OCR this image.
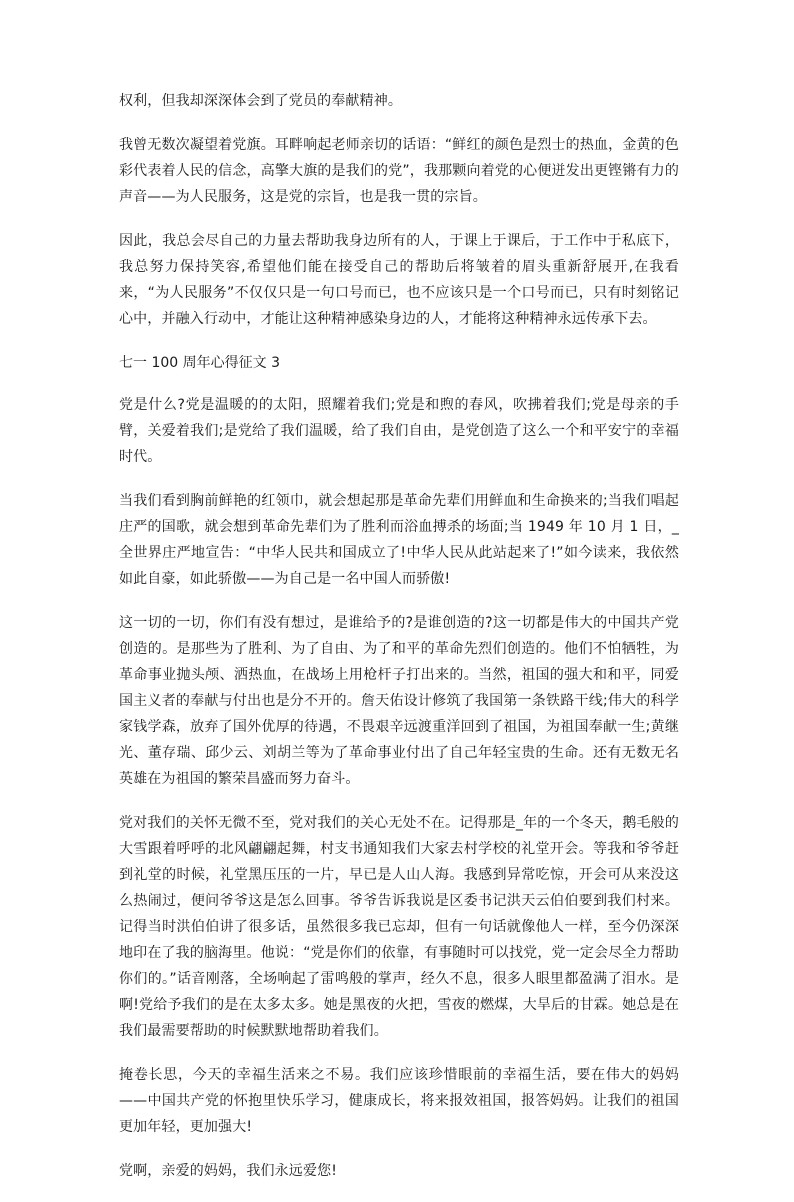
权利，但我却深深体会到了党员的奉献精神。

我曾无数次凝望着党旗。耳畔响起老师亲切的话语：“鲜红的颜色是烈士的热血，金黄的色彩代表着人民的信念，高擎大旗的是我们的党”，我那颗向着党的心便迸发出更铿锵有力的声音——为人民服务，这是党的宗旨，也是我一贯的宗旨。

因此，我总会尽自己的力量去帮助我身边所有的人，于课上于课后，于工作中于私底下，我总努力保持笑容,希望他们能在接受自己的帮助后将皱着的眉头重新舒展开,在我看来，“为人民服务”不仅仅只是一句口号而已，也不应该只是一个口号而已，只有时刻铭记心中，并融入行动中，才能让这种精神感染身边的人，才能将这种精神永远传承下去。

七一 100 周年心得征文 3

党是什么?党是温暖的的太阳，照耀着我们;党是和煦的春风，吹拂着我们;党是母亲的手臂，关爱着我们;是党给了我们温暖，给了我们自由，是党创造了这么一个和平安宁的幸福时代。

当我们看到胸前鲜艳的红领巾，就会想起那是革命先辈们用鲜血和生命换来的;当我们唱起庄严的国歌，就会想到革命先辈们为了胜利而浴血搏杀的场面;当 1949 年 10 月 1 日，_全世界庄严地宣告：“中华人民共和国成立了!中华人民从此站起来了!”如今读来，我依然如此自豪，如此骄傲——为自己是一名中国人而骄傲!

这一切的一切，你们有没有想过，是谁给予的?是谁创造的?这一切都是伟大的中国共产党创造的。是那些为了胜利、为了自由、为了和平的革命先烈们创造的。他们不怕牺牲，为革命事业抛头颅、洒热血，在战场上用枪杆子打出来的。当然，祖国的强大和和平，同爱国主义者的奉献与付出也是分不开的。詹天佑设计修筑了我国第一条铁路干线;伟大的科学家钱学森，放弃了国外优厚的待遇，不畏艰辛远渡重洋回到了祖国，为祖国奉献一生;黄继光、董存瑞、邱少云、刘胡兰等为了革命事业付出了自己年轻宝贵的生命。还有无数无名英雄在为祖国的繁荣昌盛而努力奋斗。

党对我们的关怀无微不至，党对我们的关心无处不在。记得那是_年的一个冬天，鹅毛般的大雪跟着呼呼的北风翩翩起舞，村支书通知我们大家去村学校的礼堂开会。等我和爷爷赶到礼堂的时候，礼堂黑压压的一片，早已是人山人海。我感到异常吃惊，开会可从来没这么热闹过，便问爷爷这是怎么回事。爷爷告诉我说是区委书记洪天云伯伯要到我们村来。记得当时洪伯伯讲了很多话，虽然很多我已忘却，但有一句话就像他人一样，至今仍深深地印在了我的脑海里。他说：“党是你们的依靠，有事随时可以找党，党一定会尽全力帮助你们的。”话音刚落，全场响起了雷鸣般的掌声，经久不息，很多人眼里都盈满了泪水。是啊!党给予我们的是在太多太多。她是黑夜的火把，雪夜的燃煤，大旱后的甘霖。她总是在我们最需要帮助的时候默默地帮助着我们。

掩卷长思，今天的幸福生活来之不易。我们应该珍惜眼前的幸福生活，要在伟大的妈妈——中国共产党的怀抱里快乐学习，健康成长，将来报效祖国，报答妈妈。让我们的祖国更加年轻，更加强大!

党啊，亲爱的妈妈，我们永远爱您!
